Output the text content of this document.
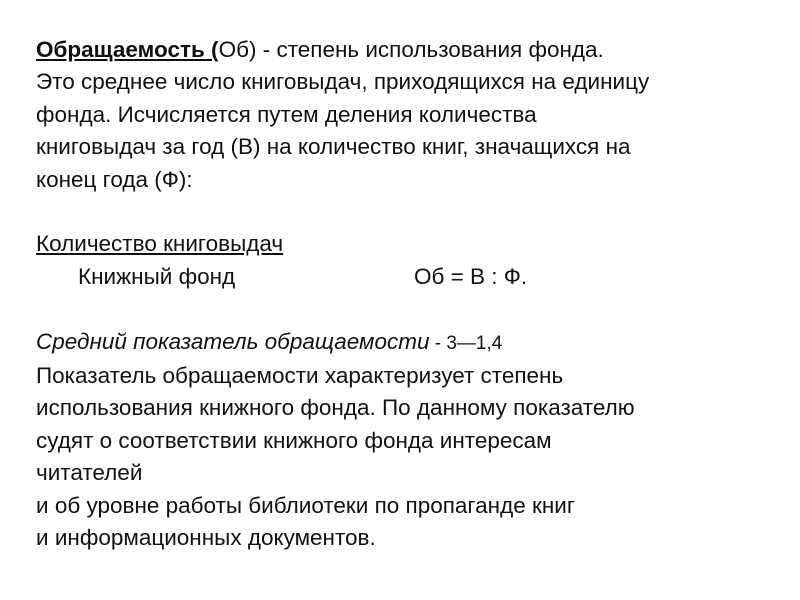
Обращаемость (Об) - степень использования фонда.
Это среднее число книговыдач, приходящихся на единицу
фонда. Исчисляется путем деления количества
книговыдач за год (В) на количество книг, значащихся на
конец года (Ф):
Количество книговыдач
Книжный фонд	Об = В : Ф.
Средний показатель обращаемости - 3—1,4
Показатель обращаемости характеризует степень
использования книжного фонда. По данному показателю
судят о соответствии книжного фонда интересам
читателей
и об уровне работы библиотеки по пропаганде книг
и информационных документов.
